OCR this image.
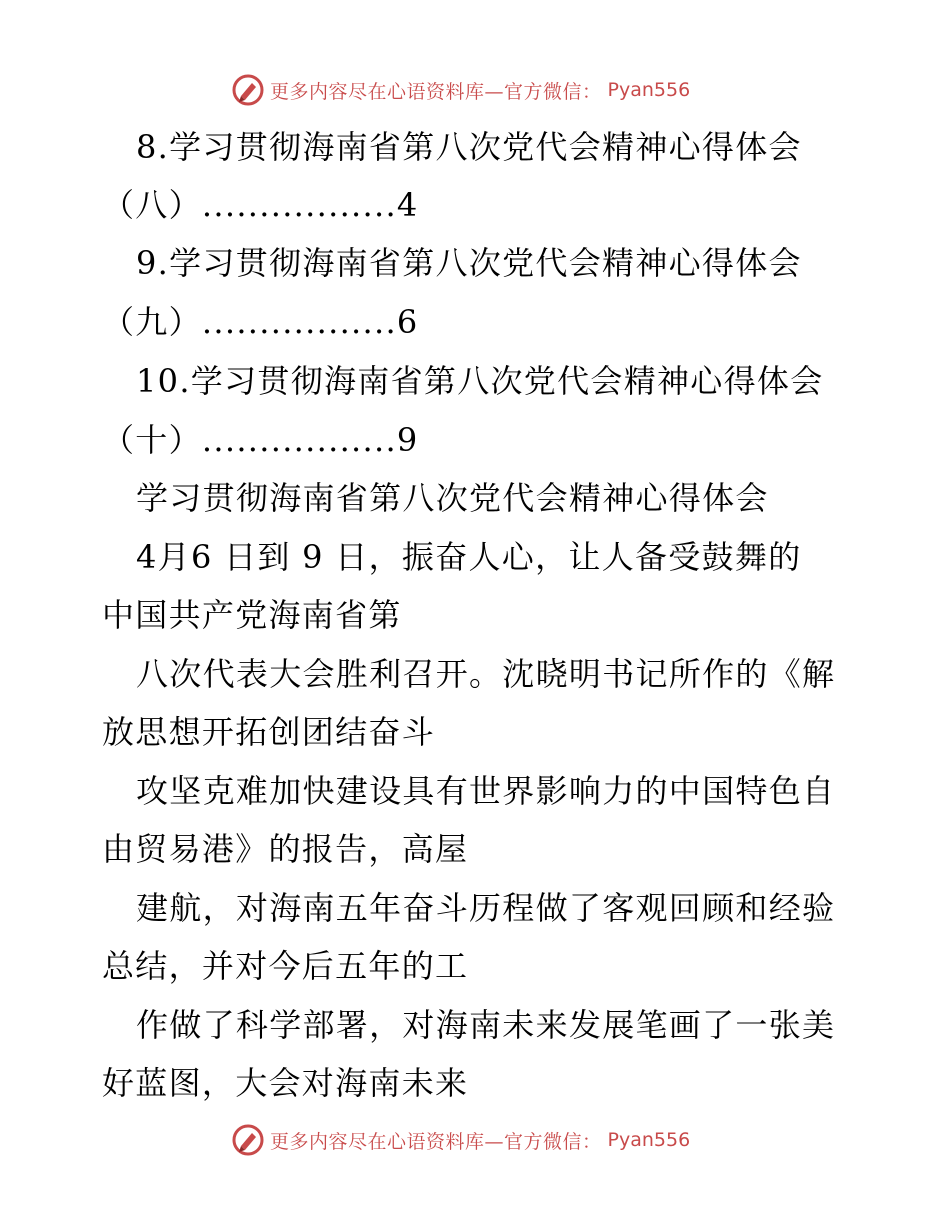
更多内容尽在心语资料库—官方微信： Pyan556
8.学习贯彻海南省第八次党代会精神心得体会
（八）.................4
9.学习贯彻海南省第八次党代会精神心得体会
（九）.................6
10.学习贯彻海南省第八次党代会精神心得体会
（十）.................9
学习贯彻海南省第八次党代会精神心得体会
4月6 日到 9 日，振奋人心，让人备受鼓舞的
中国共产党海南省第
八次代表大会胜利召开。沈晓明书记所作的《解
放思想开拓创团结奋斗
攻坚克难加快建设具有世界影响力的中国特色自
由贸易港》的报告，高屋
建航，对海南五年奋斗历程做了客观回顾和经验
总结，并对今后五年的工
作做了科学部署，对海南未来发展笔画了一张美
好蓝图，大会对海南未来
更多内容尽在心语资料库—官方微信： Pyan556
